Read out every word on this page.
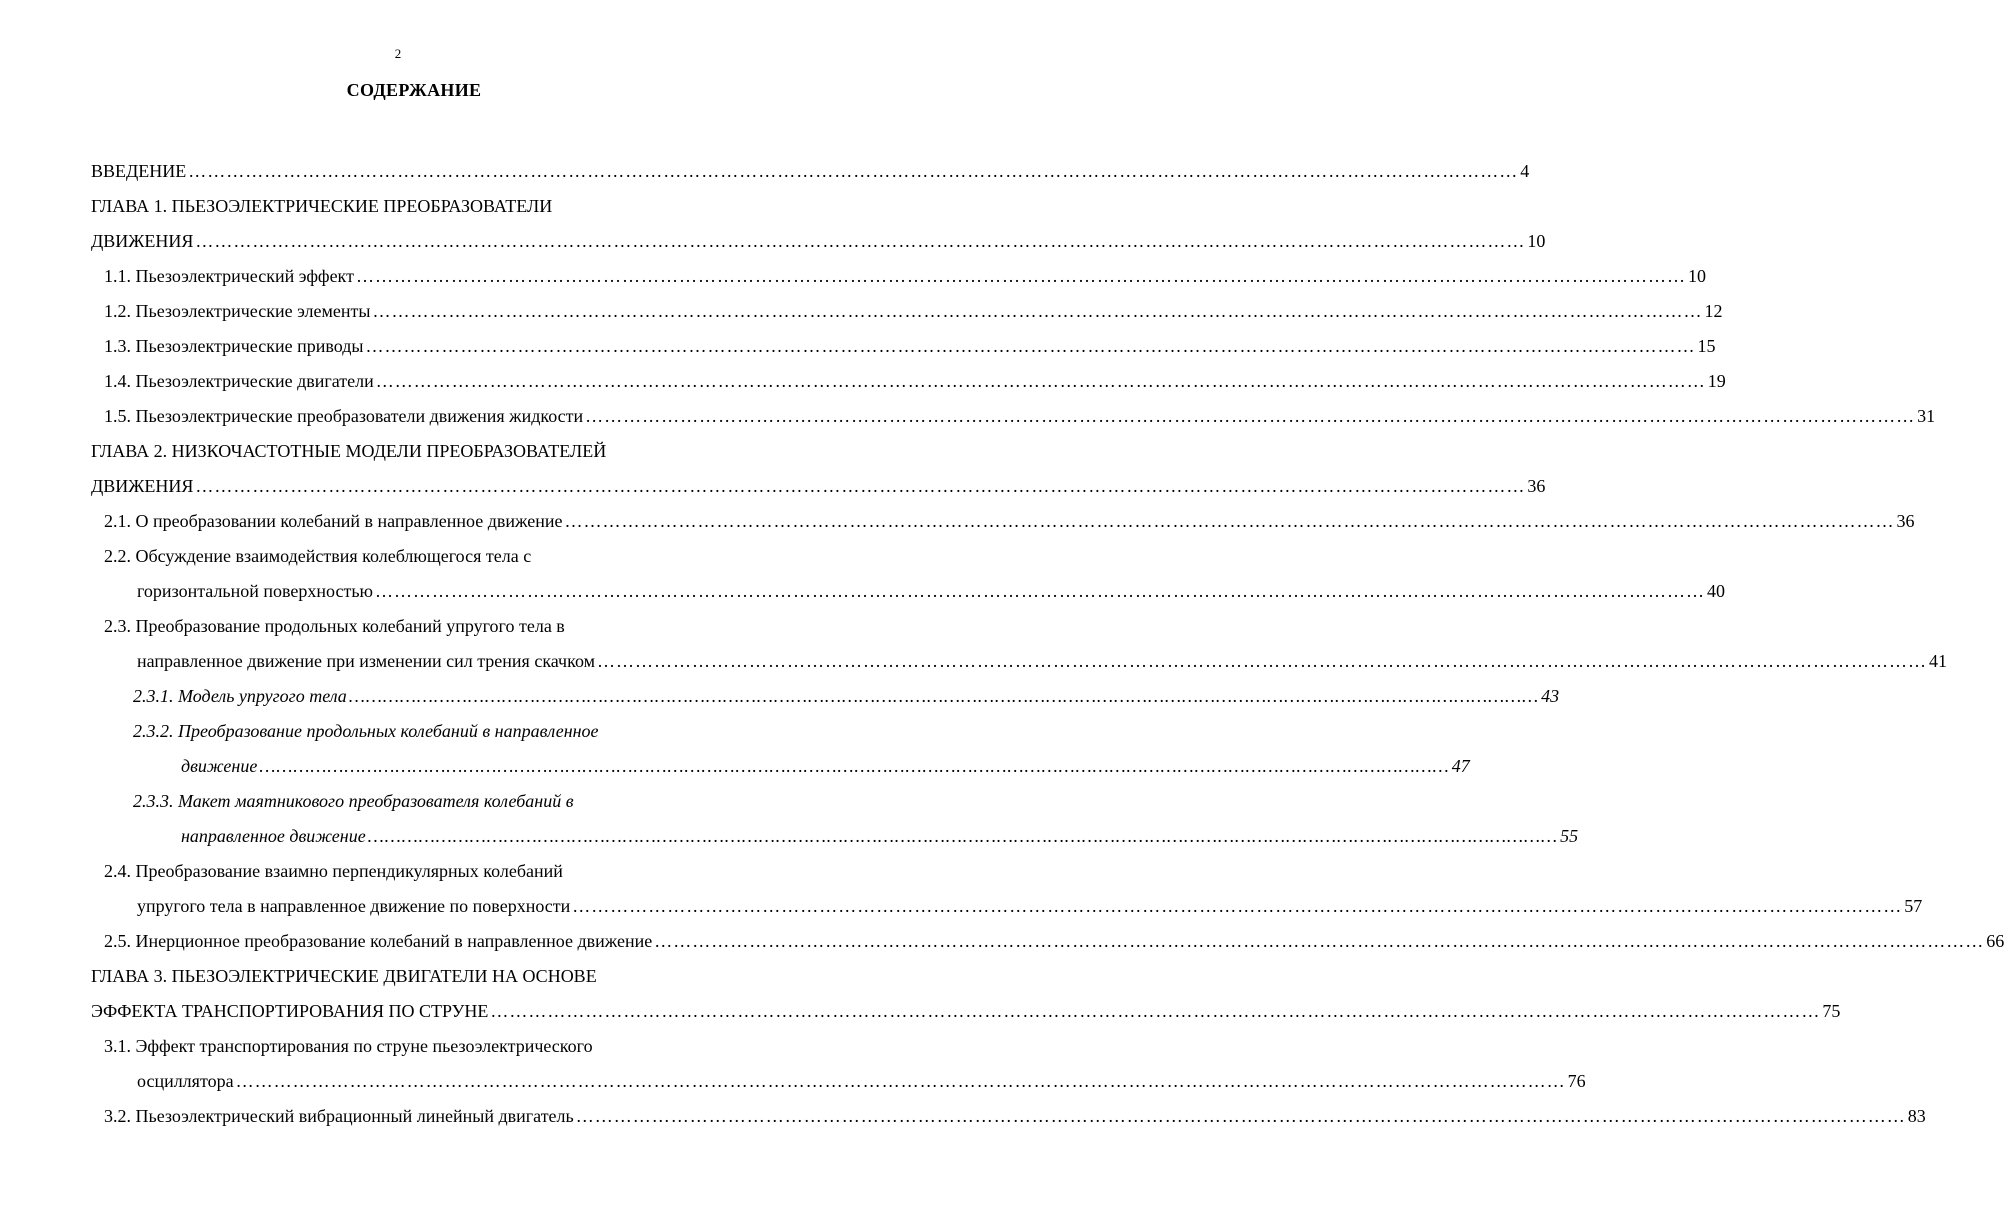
2
СОДЕРЖАНИЕ
ВВЕДЕНИЕ ………………………………………………………………………………………………………………………………………………………………………………………… 4
ГЛАВА 1. ПЬЕЗОЭЛЕКТРИЧЕСКИЕ ПРЕОБРАЗОВАТЕЛИ
ДВИЖЕНИЯ ………………………………………………………………………………………………………………………………………………………………………………………… 10
1.1. Пьезоэлектрический эффект ………………………………………………………………………………………………………………………………………………………………………………………… 10
1.2. Пьезоэлектрические элементы ………………………………………………………………………………………………………………………………………………………………………………………… 12
1.3. Пьезоэлектрические приводы ………………………………………………………………………………………………………………………………………………………………………………………… 15
1.4. Пьезоэлектрические двигатели ………………………………………………………………………………………………………………………………………………………………………………………… 19
1.5. Пьезоэлектрические преобразователи движения жидкости ………………………………………………………………………………………………………………………………………………………………………………………… 31
ГЛАВА 2. НИЗКОЧАСТОТНЫЕ МОДЕЛИ ПРЕОБРАЗОВАТЕЛЕЙ
ДВИЖЕНИЯ ………………………………………………………………………………………………………………………………………………………………………………………… 36
2.1. О преобразовании колебаний в направленное движение ………………………………………………………………………………………………………………………………………………………………………………………… 36
2.2. Обсуждение взаимодействия колеблющегося тела с
горизонтальной поверхностью ………………………………………………………………………………………………………………………………………………………………………………………… 40
2.3. Преобразование продольных колебаний упругого тела в
направленное движение при изменении сил трения скачком ………………………………………………………………………………………………………………………………………………………………………………………… 41
2.3.1. Модель упругого тела ………………………………………………………………………………………………………………………………………………………………………………………… 43
2.3.2. Преобразование продольных колебаний в направленное
движение ………………………………………………………………………………………………………………………………………………………………………………………… 47
2.3.3. Макет маятникового преобразователя колебаний в
направленное движение ………………………………………………………………………………………………………………………………………………………………………………………… 55
2.4. Преобразование взаимно перпендикулярных колебаний
упругого тела в направленное движение по поверхности ………………………………………………………………………………………………………………………………………………………………………………………… 57
2.5. Инерционное преобразование колебаний в направленное движение ………………………………………………………………………………………………………………………………………………………………………………………… 66
ГЛАВА 3. ПЬЕЗОЭЛЕКТРИЧЕСКИЕ ДВИГАТЕЛИ НА ОСНОВЕ
ЭФФЕКТА ТРАНСПОРТИРОВАНИЯ ПО СТРУНЕ ………………………………………………………………………………………………………………………………………………………………………………………… 75
3.1. Эффект транспортирования по струне пьезоэлектрического
осциллятора ………………………………………………………………………………………………………………………………………………………………………………………… 76
3.2. Пьезоэлектрический вибрационный линейный двигатель ………………………………………………………………………………………………………………………………………………………………………………………… 83
